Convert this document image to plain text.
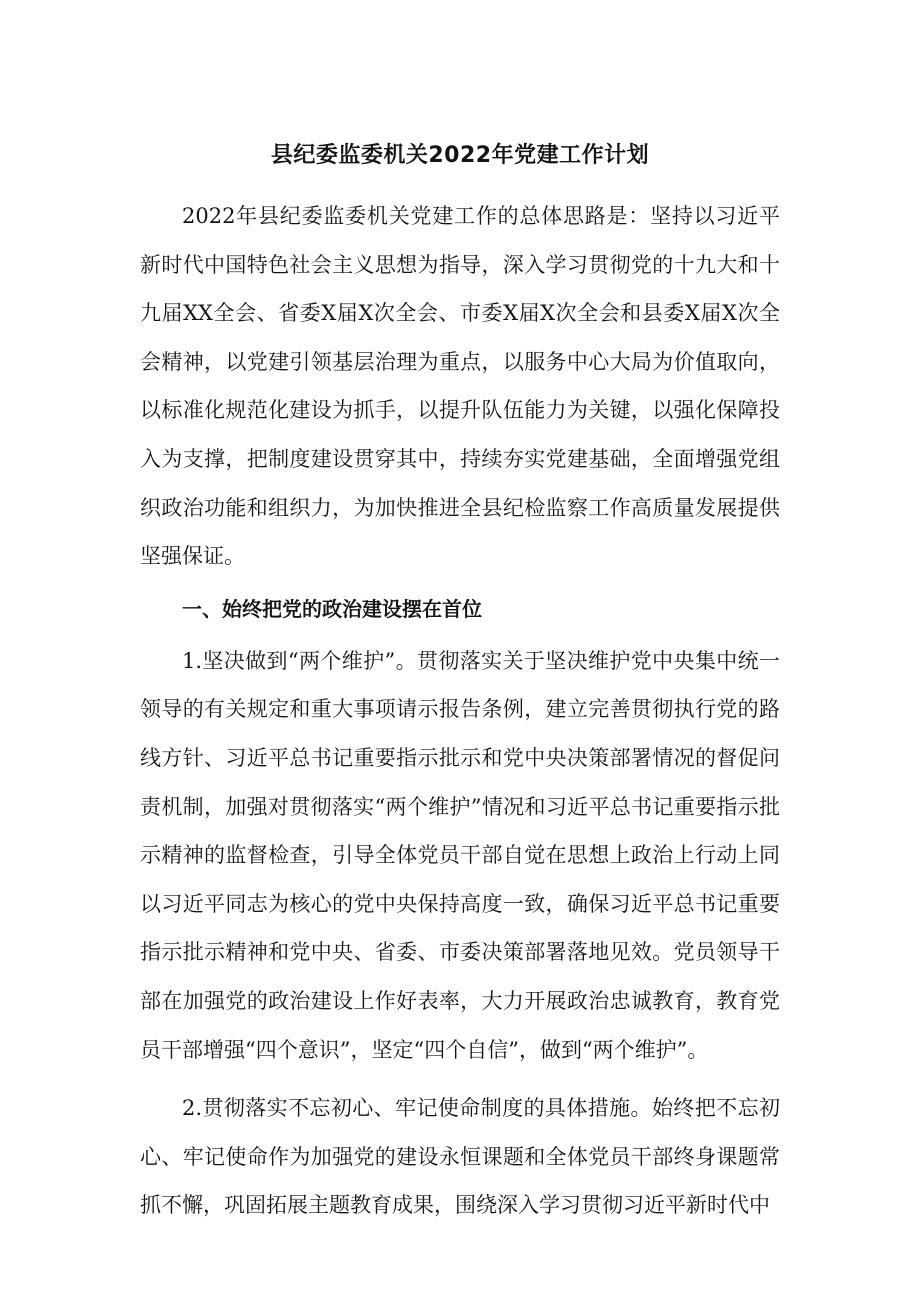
县纪委监委机关2022年党建工作计划

2022年县纪委监委机关党建工作的总体思路是：坚持以习近平新时代中国特色社会主义思想为指导，深入学习贯彻党的十九大和十九届XX全会、省委X届X次全会、市委X届X次全会和县委X届X次全会精神，以党建引领基层治理为重点，以服务中心大局为价值取向，以标准化规范化建设为抓手，以提升队伍能力为关键，以强化保障投入为支撑，把制度建设贯穿其中，持续夯实党建基础，全面增强党组织政治功能和组织力，为加快推进全县纪检监察工作高质量发展提供坚强保证。

一、始终把党的政治建设摆在首位

1.坚决做到“两个维护”。贯彻落实关于坚决维护党中央集中统一领导的有关规定和重大事项请示报告条例，建立完善贯彻执行党的路线方针、习近平总书记重要指示批示和党中央决策部署情况的督促问责机制，加强对贯彻落实“两个维护”情况和习近平总书记重要指示批示精神的监督检查，引导全体党员干部自觉在思想上政治上行动上同以习近平同志为核心的党中央保持高度一致，确保习近平总书记重要指示批示精神和党中央、省委、市委决策部署落地见效。党员领导干部在加强党的政治建设上作好表率，大力开展政治忠诚教育，教育党员干部增强“四个意识”，坚定“四个自信”，做到“两个维护”。

2.贯彻落实不忘初心、牢记使命制度的具体措施。始终把不忘初心、牢记使命作为加强党的建设永恒课题和全体党员干部终身课题常抓不懈，巩固拓展主题教育成果，围绕深入学习贯彻习近平新时代中
